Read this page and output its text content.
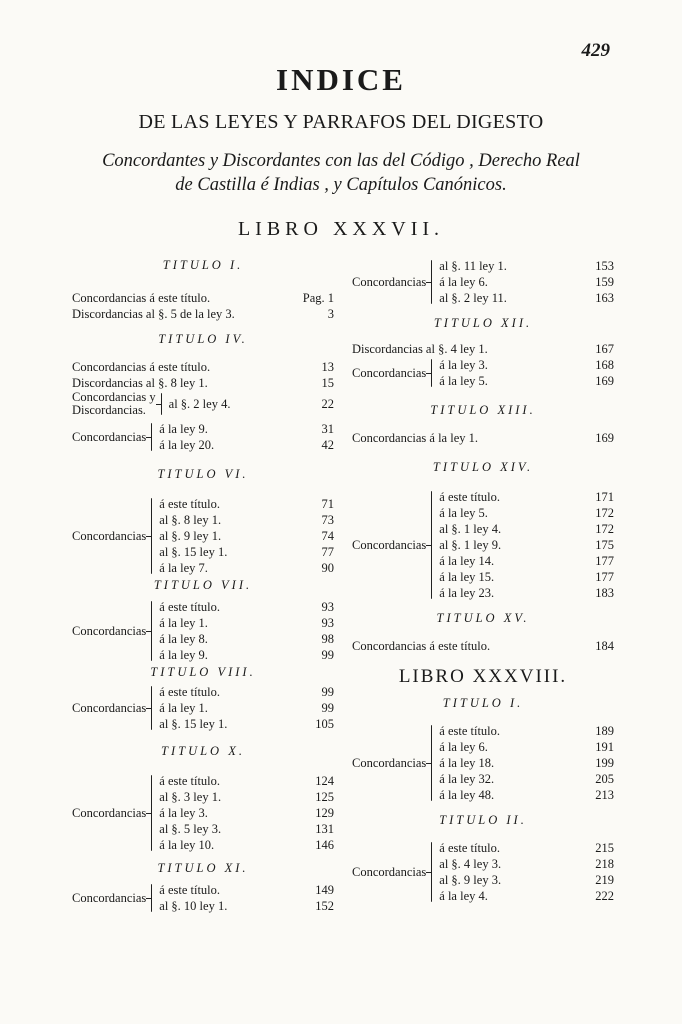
429
INDICE
DE LAS LEYES Y PARRAFOS DEL DIGESTO
Concordantes y Discordantes con las del Código , Derecho Real
de Castilla é Indias , y Capítulos Canónicos.
LIBRO XXXVII.
TITULO I.
Concordancias á este título.	Pag. 1
Discordancias al §. 5 de la ley 3.	3
TITULO IV.
Concordancias á este título.	13
Discordancias al §. 8 ley 1.	15
Concordancias y
Discordancias.	al §. 2 ley 4.	22
Concordancias
á la ley 9.	31
á la ley 20.	42
TITULO VI.
Concordancias
á este título.	71
al §. 8 ley 1.	73
al §. 9 ley 1.	74
al §. 15 ley 1.	77
á la ley 7.	90
TITULO VII.
Concordancias
á este título.	93
á la ley 1.	93
á la ley 8.	98
á la ley 9.	99
TITULO VIII.
Concordancias
á este título.	99
á la ley 1.	99
al §. 15 ley 1.	105
TITULO X.
Concordancias
á este título.	124
al §. 3 ley 1.	125
á la ley 3.	129
al §. 5 ley 3.	131
á la ley 10.	146
TITULO XI.
Concordancias
á este título.	149
al §. 10 ley 1.	152
Concordancias
al §. 11 ley 1.	153
á la ley 6.	159
al §. 2 ley 11.	163
TITULO XII.
Discordancias al §. 4 ley 1.	167
Concordancias
á la ley 3.	168
á la ley 5.	169
TITULO XIII.
Concordancias á la ley 1.	169
TITULO XIV.
Concordancias
á este título.	171
á la ley 5.	172
al §. 1 ley 4.	172
al §. 1 ley 9.	175
á la ley 14.	177
á la ley 15.	177
á la ley 23.	183
TITULO XV.
Concordancias á este título.	184
LIBRO XXXVIII.
TITULO I.
Concordancias
á este título.	189
á la ley 6.	191
á la ley 18.	199
á la ley 32.	205
á la ley 48.	213
TITULO II.
Concordancias
á este título.	215
al §. 4 ley 3.	218
al §. 9 ley 3.	219
á la ley 4.	222
